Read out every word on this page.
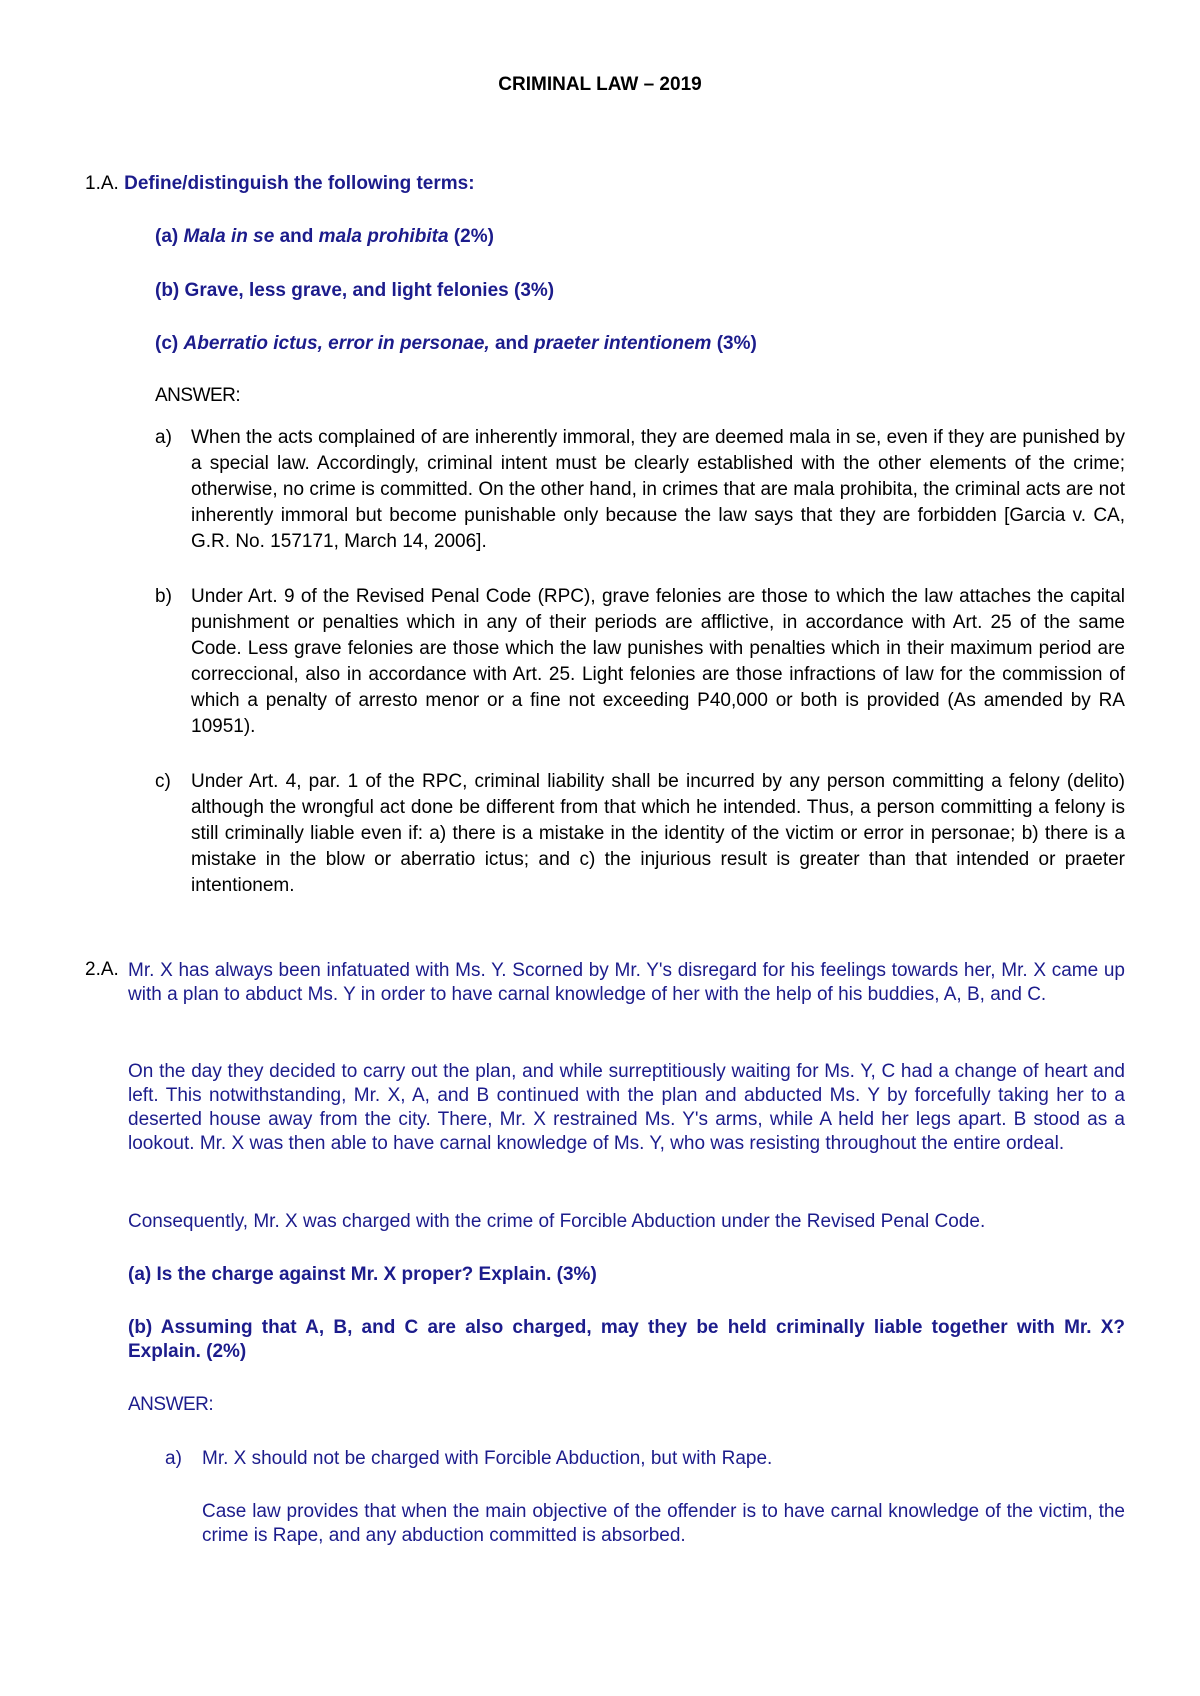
CRIMINAL LAW – 2019
1.A. Define/distinguish the following terms:
(a) Mala in se and mala prohibita (2%)
(b) Grave, less grave, and light felonies (3%)
(c) Aberratio ictus, error in personae, and praeter intentionem (3%)
ANSWER:
a)	When the acts complained of are inherently immoral, they are deemed mala in se, even if they are punished by a special law. Accordingly, criminal intent must be clearly established with the other elements of the crime; otherwise, no crime is committed. On the other hand, in crimes that are mala prohibita, the criminal acts are not inherently immoral but become punishable only because the law says that they are forbidden [Garcia v. CA, G.R. No. 157171, March 14, 2006].
b)	Under Art. 9 of the Revised Penal Code (RPC), grave felonies are those to which the law attaches the capital punishment or penalties which in any of their periods are afflictive, in accordance with Art. 25 of the same Code. Less grave felonies are those which the law punishes with penalties which in their maximum period are correccional, also in accordance with Art. 25. Light felonies are those infractions of law for the commission of which a penalty of arresto menor or a fine not exceeding P40,000 or both is provided (As amended by RA 10951).
c)	Under Art. 4, par. 1 of the RPC, criminal liability shall be incurred by any person committing a felony (delito) although the wrongful act done be different from that which he intended. Thus, a person committing a felony is still criminally liable even if: a) there is a mistake in the identity of the victim or error in personae; b) there is a mistake in the blow or aberratio ictus; and c) the injurious result is greater than that intended or praeter intentionem.
2.A. Mr. X has always been infatuated with Ms. Y. Scorned by Mr. Y's disregard for his feelings towards her, Mr. X came up with a plan to abduct Ms. Y in order to have carnal knowledge of her with the help of his buddies, A, B, and C.
On the day they decided to carry out the plan, and while surreptitiously waiting for Ms. Y, C had a change of heart and left. This notwithstanding, Mr. X, A, and B continued with the plan and abducted Ms. Y by forcefully taking her to a deserted house away from the city. There, Mr. X restrained Ms. Y's arms, while A held her legs apart. B stood as a lookout. Mr. X was then able to have carnal knowledge of Ms. Y, who was resisting throughout the entire ordeal.
Consequently, Mr. X was charged with the crime of Forcible Abduction under the Revised Penal Code.
(a) Is the charge against Mr. X proper? Explain. (3%)
(b) Assuming that A, B, and C are also charged, may they be held criminally liable together with Mr. X? Explain. (2%)
ANSWER:
a)	Mr. X should not be charged with Forcible Abduction, but with Rape.
Case law provides that when the main objective of the offender is to have carnal knowledge of the victim, the crime is Rape, and any abduction committed is absorbed.
